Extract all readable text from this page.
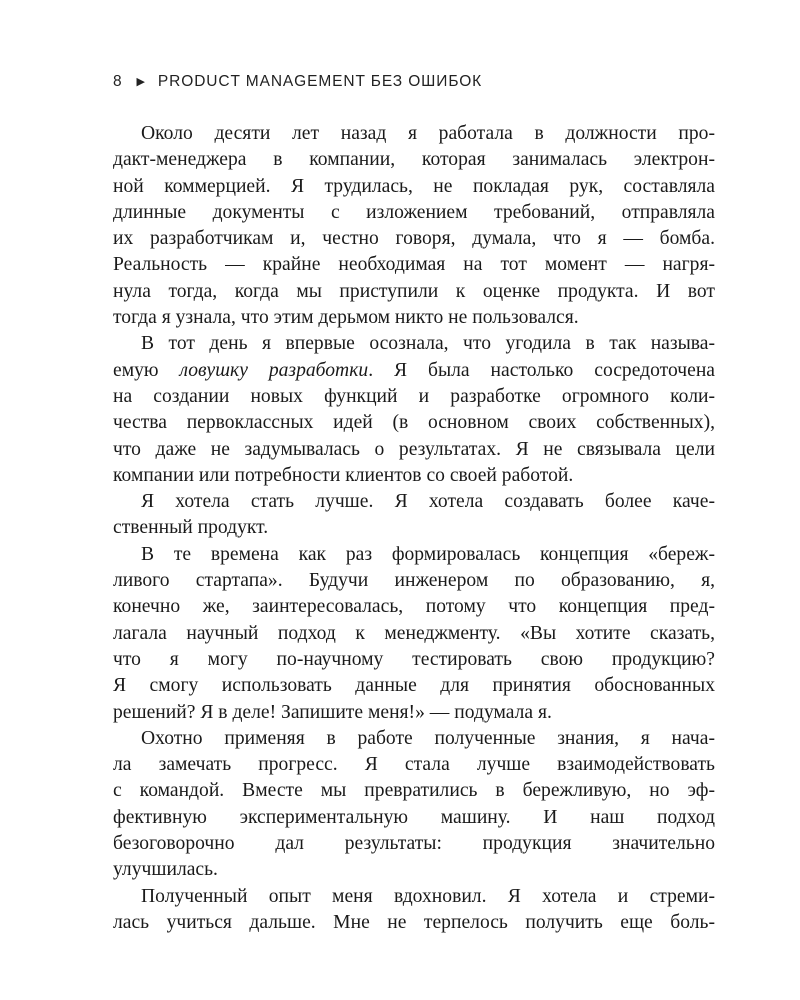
8 ▶ PRODUCT MANAGEMENT БЕЗ ОШИБОК
Около десяти лет назад я работала в должности про-
дакт-менеджера в компании, которая занималась электрон-
ной коммерцией. Я трудилась, не покладая рук, составляла
длинные документы с изложением требований, отправляла
их разработчикам и, честно говоря, думала, что я — бомба.
Реальность — крайне необходимая на тот момент — нагря-
нула тогда, когда мы приступили к оценке продукта. И вот
тогда я узнала, что этим дерьмом никто не пользовался.
В тот день я впервые осознала, что угодила в так называ-
емую ловушку разработки. Я была настолько сосредоточена
на создании новых функций и разработке огромного коли-
чества первоклассных идей (в основном своих собственных),
что даже не задумывалась о результатах. Я не связывала цели
компании или потребности клиентов со своей работой.
Я хотела стать лучше. Я хотела создавать более каче-
ственный продукт.
В те времена как раз формировалась концепция «береж-
ливого стартапа». Будучи инженером по образованию, я,
конечно же, заинтересовалась, потому что концепция пред-
лагала научный подход к менеджменту. «Вы хотите сказать,
что я могу по-научному тестировать свою продукцию?
Я смогу использовать данные для принятия обоснованных
решений? Я в деле! Запишите меня!» — подумала я.
Охотно применяя в работе полученные знания, я нача-
ла замечать прогресс. Я стала лучше взаимодействовать
с командой. Вместе мы превратились в бережливую, но эф-
фективную экспериментальную машину. И наш подход
безоговорочно дал результаты: продукция значительно
улучшилась.
Полученный опыт меня вдохновил. Я хотела и стреми-
лась учиться дальше. Мне не терпелось получить еще боль-
